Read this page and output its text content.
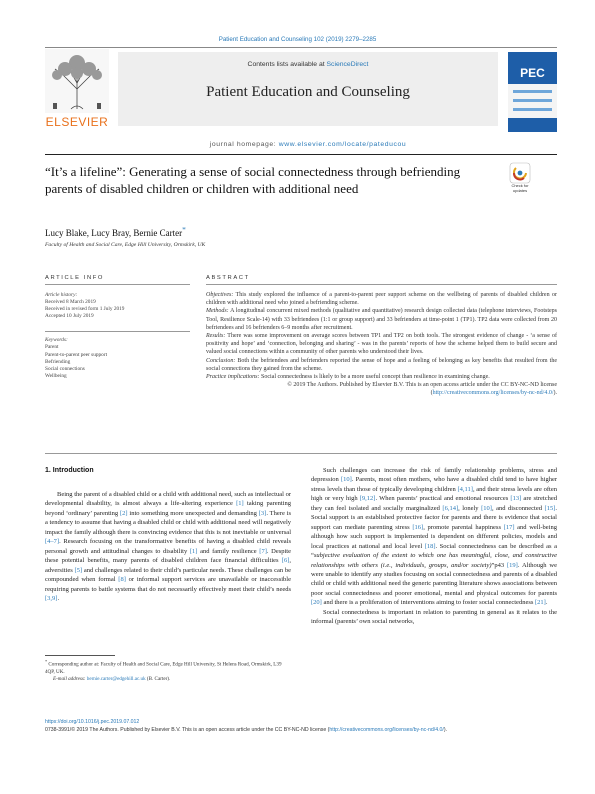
Patient Education and Counseling 102 (2019) 2279–2285
ELSEVIER
Contents lists available at ScienceDirect
Patient Education and Counseling
journal homepage: www.elsevier.com/locate/pateducou
PEC
“It’s a lifeline”: Generating a sense of social connectedness through befriending parents of disabled children or children with additional need	Check for updates
Lucy Blake, Lucy Bray, Bernie Carter*
Faculty of Health and Social Care, Edge Hill University, Ormskirk, UK
ARTICLE INFO	ABSTRACT
Article history:
Received 8 March 2019
Received in revised form 1 July 2019
Accepted 10 July 2019
Keywords:
Parent
Parent-to-parent peer support
Befriending
Social connections
Wellbeing

Objectives: This study explored the influence of a parent-to-parent peer support scheme on the wellbeing of parents of disabled children or children with additional need who joined a befriending scheme.

Methods: A longitudinal concurrent mixed methods (qualitative and quantitative) research design collected data (telephone interviews, Footsteps Tool, Resilience Scale-14) with 33 befriendees (1:1 or group support) and 33 befrienders at time-point 1 (TP1). TP2 data were collected from 20 befriendees and 16 befrienders 6–9 months after recruitment.

Results: There was some improvement on average scores between TP1 and TP2 on both tools. The strongest evidence of change - ‘a sense of positivity and hope’ and ‘connection, belonging and sharing’ - was in the parents’ reports of how the scheme helped them to build secure and valued social connections within a community of other parents who understood their lives.

Conclusion: Both the befriendees and befrienders reported the sense of hope and a feeling of belonging as key benefits that resulted from the social connections they gained from the scheme.

Practice implications: Social connectedness is likely to be a more useful concept than resilience in examining change.

© 2019 The Authors. Published by Elsevier B.V. This is an open access article under the CC BY-NC-ND license (http://creativecommons.org/licenses/by-nc-nd/4.0/).

1. Introduction

Being the parent of a disabled child or a child with additional need, such as intellectual or developmental disability, is almost always a life-altering experience [1] taking parenting beyond ‘ordinary’ parenting [2] into something more unexpected and demanding [3]. There is a tendency to assume that having a disabled child or child with additional need will negatively impact the family although there is convincing evidence that this is not inevitable or universal [4–7]. Research focusing on the transformative benefits of having a disabled child reveals personal growth and attitudinal changes to disability [1] and family resilience [7]. Despite these potential benefits, many parents of disabled children face financial difficulties [6], adversities [5] and challenges related to their child’s particular needs. These challenges can be compounded when formal [8] or informal support services are unavailable or inaccessible requiring parents to battle systems that do not necessarily effectively meet their child’s needs [3,9].

Such challenges can increase the risk of family relationship problems, stress and depression [10]. Parents, most often mothers, who have a disabled child tend to have higher stress levels than those of typically developing children [4,11], and their stress levels are often high or very high [9,12]. When parents’ practical and emotional resources [13] are stretched they can feel isolated and socially marginalized [6,14], lonely [10], and disconnected [15]. Social support is an established protective factor for parents and there is evidence that social support can mediate parenting stress [16], promote parental happiness [17] and well-being although how such support is implemented is dependent on different policies, models and local practices at national and local level [18]. Social connectedness can be described as a “subjective evaluation of the extent to which one has meaningful, close, and constructive relationships with others (i.e., individuals, groups, and/or society)”p43 [19]. Although we were unable to identify any studies focusing on social connectedness and parents of a disabled child or child with additional need the generic parenting literature shows associations between poor social connectedness and poorer emotional, mental and physical outcomes for parents [20] and there is a proliferation of interventions aiming to foster social connectedness [21].

Social connectedness is important in relation to parenting in general as it relates to the informal (parents’ own social networks,

* Corresponding author at: Faculty of Health and Social Care, Edge Hill University, St Helens Road, Ormskirk, L39 4QP, UK.
E-mail address: bernie.carter@edgehill.ac.uk (B. Carter).
https://doi.org/10.1016/j.pec.2019.07.012
0738-3991/© 2019 The Authors. Published by Elsevier B.V. This is an open access article under the CC BY-NC-ND license (http://creativecommons.org/licenses/by-nc-nd/4.0/).
